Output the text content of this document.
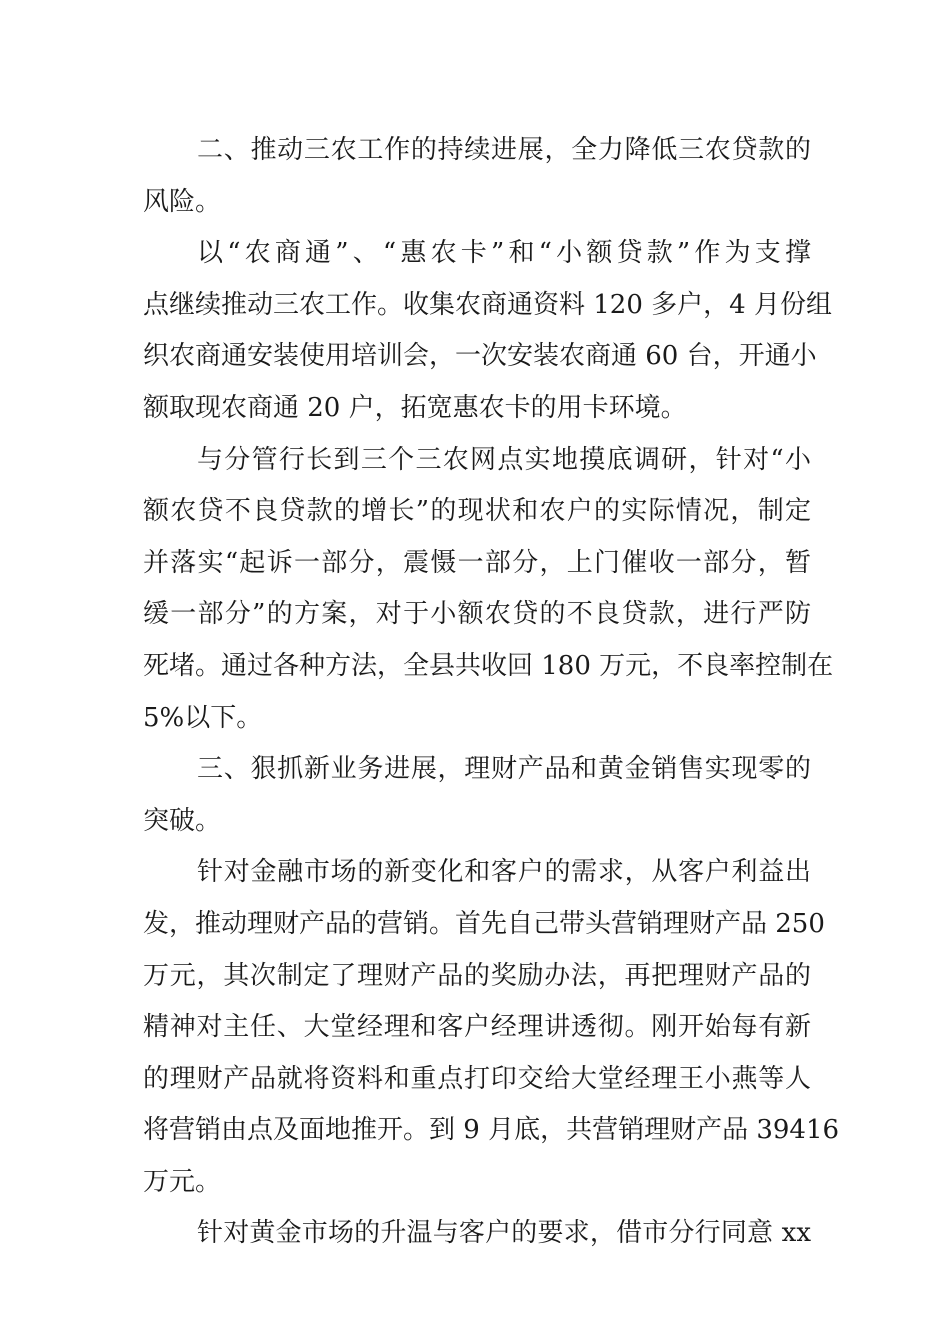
二、推动三农工作的持续进展，全力降低三农贷款的
风险。
以“农商通”、“惠农卡”和“小额贷款”作为支撑
点继续推动三农工作。收集农商通资料 120 多户，4 月份组
织农商通安装使用培训会，一次安装农商通 60 台，开通小
额取现农商通 20 户，拓宽惠农卡的用卡环境。
与分管行长到三个三农网点实地摸底调研，针对“小
额农贷不良贷款的增长”的现状和农户的实际情况，制定
并落实“起诉一部分，震慑一部分，上门催收一部分，暂
缓一部分”的方案，对于小额农贷的不良贷款，进行严防
死堵。通过各种方法，全县共收回 180 万元，不良率控制在
5%以下。
三、狠抓新业务进展，理财产品和黄金销售实现零的
突破。
针对金融市场的新变化和客户的需求，从客户利益出
发，推动理财产品的营销。首先自己带头营销理财产品 250
万元，其次制定了理财产品的奖励办法，再把理财产品的
精神对主任、大堂经理和客户经理讲透彻。刚开始每有新
的理财产品就将资料和重点打印交给大堂经理王小燕等人
将营销由点及面地推开。到 9 月底，共营销理财产品 39416
万元。
针对黄金市场的升温与客户的要求，借市分行同意 xx
